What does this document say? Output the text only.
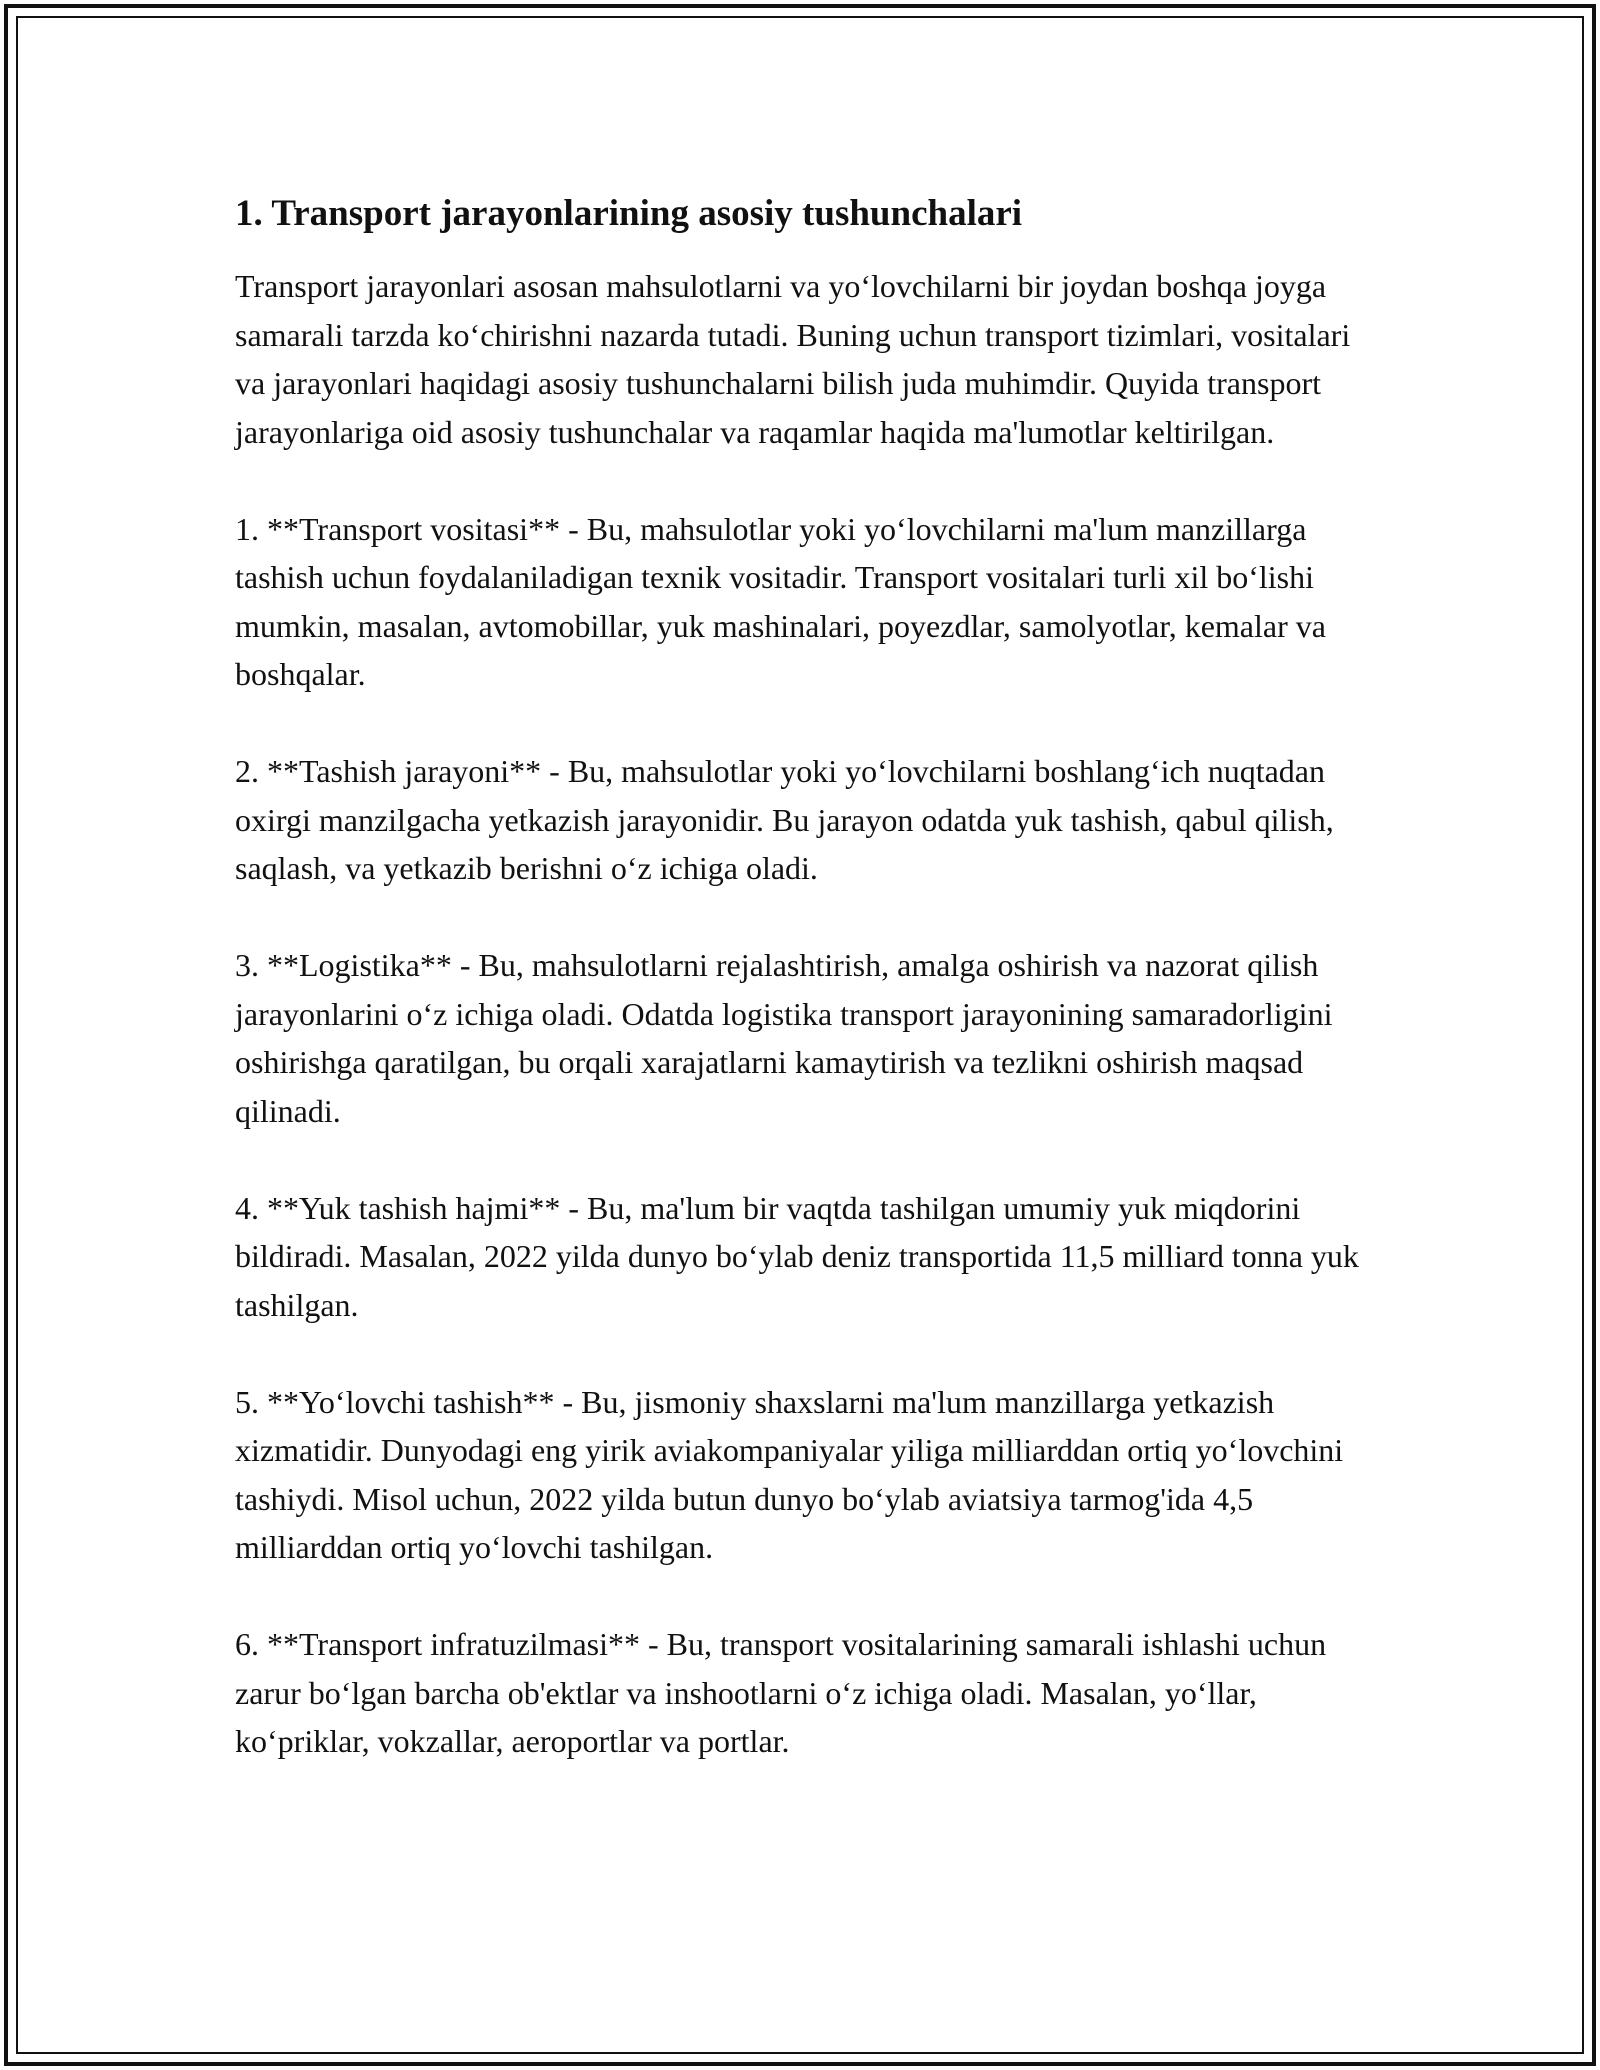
1. Transport jarayonlarining asosiy tushunchalari

Transport jarayonlari asosan mahsulotlarni va yo‘lovchilarni bir joydan boshqa joyga samarali tarzda ko‘chirishni nazarda tutadi. Buning uchun transport tizimlari, vositalari va jarayonlari haqidagi asosiy tushunchalarni bilish juda muhimdir. Quyida transport jarayonlariga oid asosiy tushunchalar va raqamlar haqida ma'lumotlar keltirilgan.

1. **Transport vositasi** - Bu, mahsulotlar yoki yo‘lovchilarni ma'lum manzillarga tashish uchun foydalaniladigan texnik vositadir. Transport vositalari turli xil bo‘lishi mumkin, masalan, avtomobillar, yuk mashinalari, poyezdlar, samolyotlar, kemalar va boshqalar.

2. **Tashish jarayoni** - Bu, mahsulotlar yoki yo‘lovchilarni boshlang‘ich nuqtadan oxirgi manzilgacha yetkazish jarayonidir. Bu jarayon odatda yuk tashish, qabul qilish, saqlash, va yetkazib berishni o‘z ichiga oladi.

3. **Logistika** - Bu, mahsulotlarni rejalashtirish, amalga oshirish va nazorat qilish jarayonlarini o‘z ichiga oladi. Odatda logistika transport jarayonining samaradorligini oshirishga qaratilgan, bu orqali xarajatlarni kamaytirish va tezlikni oshirish maqsad qilinadi.

4. **Yuk tashish hajmi** - Bu, ma'lum bir vaqtda tashilgan umumiy yuk miqdorini bildiradi. Masalan, 2022 yilda dunyo bo‘ylab deniz transportida 11,5 milliard tonna yuk tashilgan.

5. **Yo‘lovchi tashish** - Bu, jismoniy shaxslarni ma'lum manzillarga yetkazish xizmatidir. Dunyodagi eng yirik aviakompaniyalar yiliga milliarddan ortiq yo‘lovchini tashiydi. Misol uchun, 2022 yilda butun dunyo bo‘ylab aviatsiya tarmog'ida 4,5 milliarddan ortiq yo‘lovchi tashilgan.

6. **Transport infratuzilmasi** - Bu, transport vositalarining samarali ishlashi uchun zarur bo‘lgan barcha ob'ektlar va inshootlarni o‘z ichiga oladi. Masalan, yo‘llar, ko‘priklar, vokzallar, aeroportlar va portlar.
